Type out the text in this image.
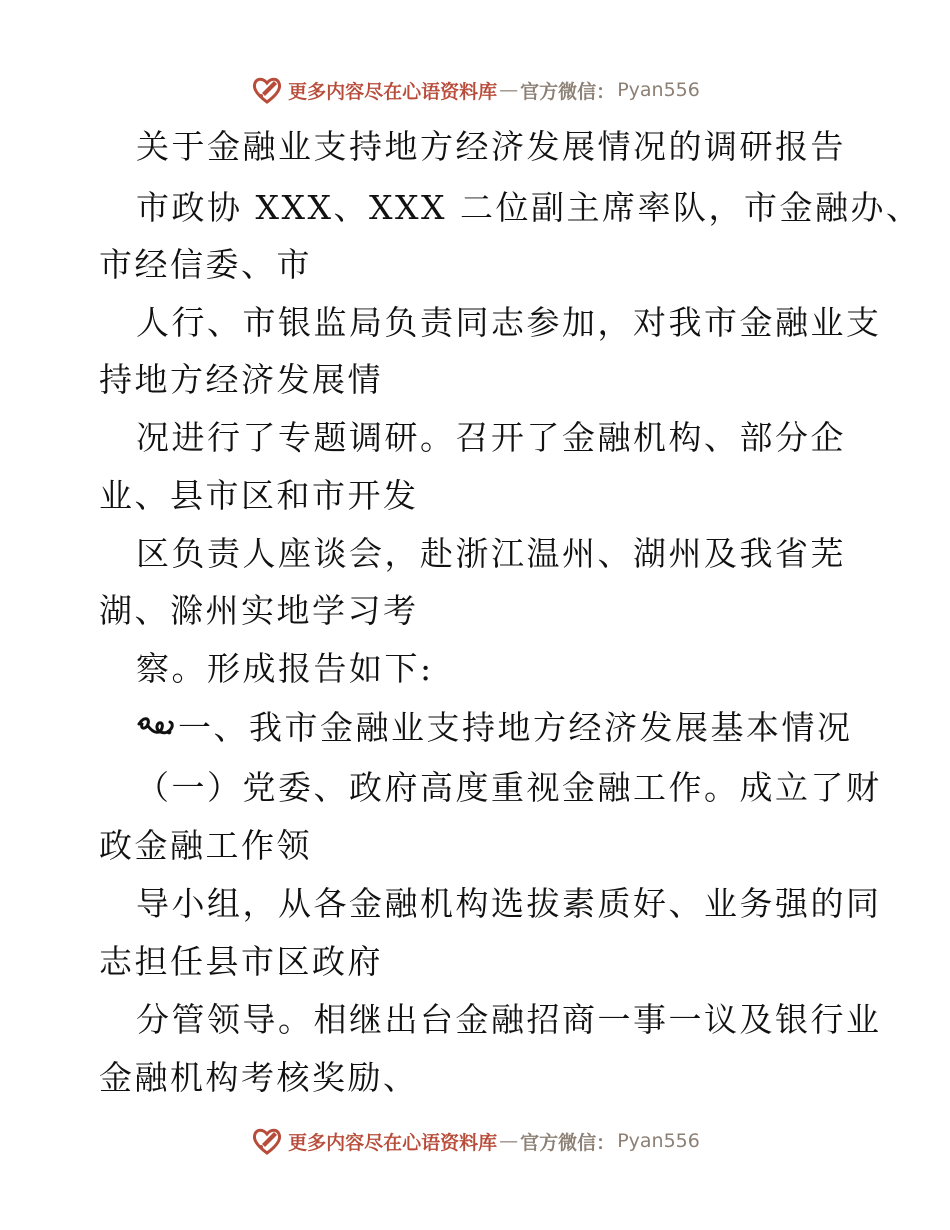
更多内容尽在心语资料库 — 官方微信： Pyan556
关于金融业支持地方经济发展情况的调研报告
市政协 XXX、XXX 二位副主席率队，市金融办、
市经信委、市
人行、市银监局负责同志参加，对我市金融业支
持地方经济发展情
况进行了专题调研。召开了金融机构、部分企
业、县市区和市开发
区负责人座谈会，赴浙江温州、湖州及我省芜
湖、滁州实地学习考
察。形成报告如下:
一、我市金融业支持地方经济发展基本情况
（一）党委、政府高度重视金融工作。成立了财
政金融工作领
导小组，从各金融机构选拔素质好、业务强的同
志担任县市区政府
分管领导。相继出台金融招商一事一议及银行业
金融机构考核奖励、
更多内容尽在心语资料库 — 官方微信： Pyan556
